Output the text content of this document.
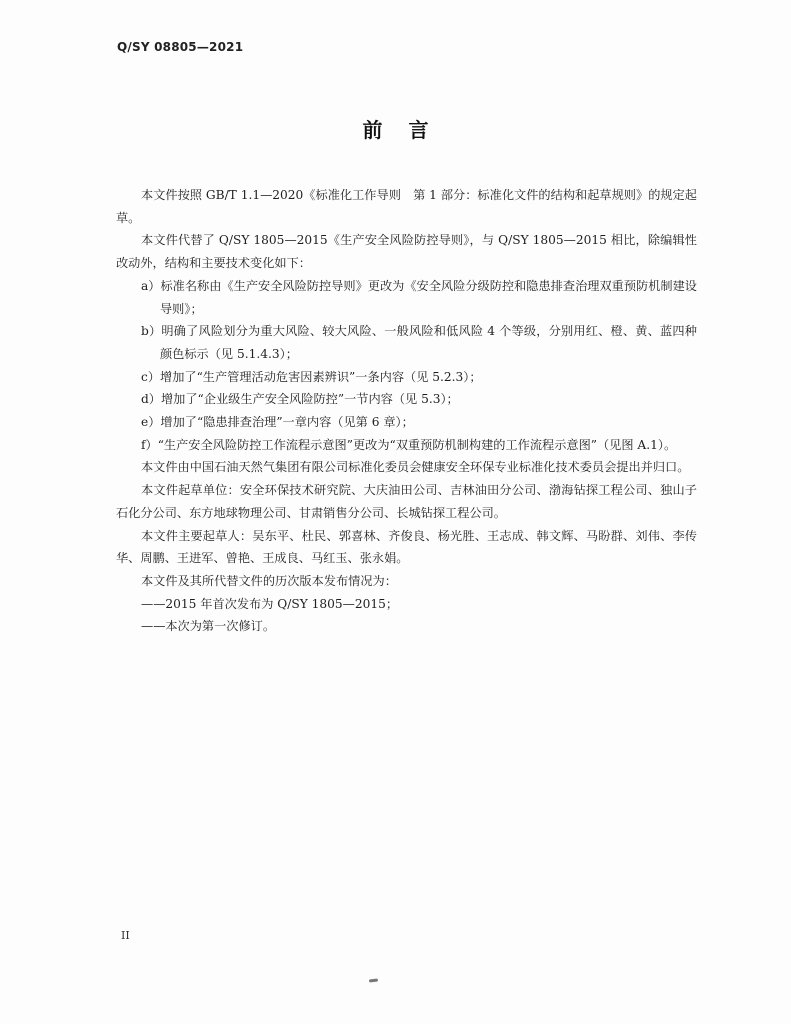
Q/SY 08805—2021
前言

本文件按照 GB/T 1.1—2020《标准化工作导则　第 1 部分：标准化文件的结构和起草规则》的规定起草。

本文件代替了 Q/SY 1805—2015《生产安全风险防控导则》，与 Q/SY 1805—2015 相比，除编辑性改动外，结构和主要技术变化如下：

a）标准名称由《生产安全风险防控导则》更改为《安全风险分级防控和隐患排查治理双重预防机制建设导则》；

b）明确了风险划分为重大风险、较大风险、一般风险和低风险 4 个等级，分别用红、橙、黄、蓝四种颜色标示（见 5.1.4.3）；

c）增加了“生产管理活动危害因素辨识”一条内容（见 5.2.3）；

d）增加了“企业级生产安全风险防控”一节内容（见 5.3）；

e）增加了“隐患排查治理”一章内容（见第 6 章）；

f）“生产安全风险防控工作流程示意图”更改为“双重预防机制构建的工作流程示意图”（见图 A.1）。

本文件由中国石油天然气集团有限公司标准化委员会健康安全环保专业标准化技术委员会提出并归口。

本文件起草单位：安全环保技术研究院、大庆油田公司、吉林油田分公司、渤海钻探工程公司、独山子石化分公司、东方地球物理公司、甘肃销售分公司、长城钻探工程公司。

本文件主要起草人：吴东平、杜民、郭喜林、齐俊良、杨光胜、王志成、韩文辉、马盼群、刘伟、李传华、周鹏、王进军、曾艳、王成良、马红玉、张永娟。

本文件及其所代替文件的历次版本发布情况为：

——2015 年首次发布为 Q/SY 1805—2015；

——本次为第一次修订。

II
